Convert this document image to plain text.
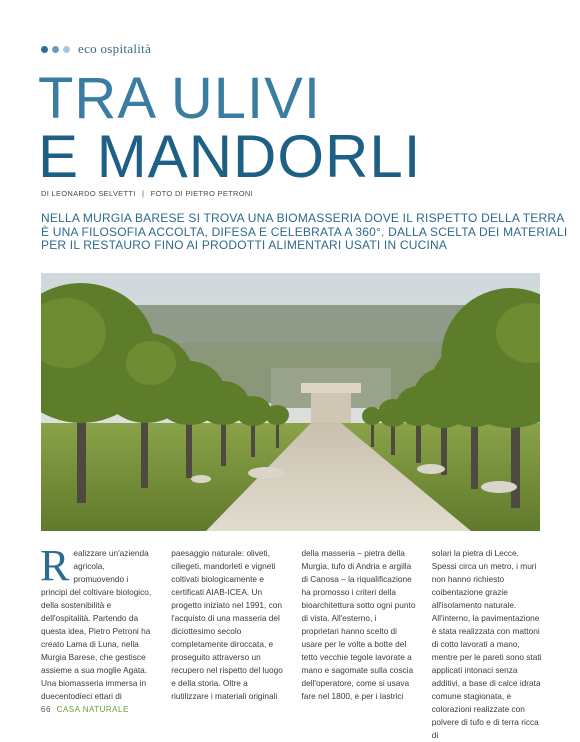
eco ospitalità
TRA ULIVI
E MANDORLI
DI LEONARDO SELVETTI | FOTO DI PIETRO PETRONI
NELLA MURGIA BARESE SI TROVA UNA BIOMASSERIA DOVE IL RISPETTO DELLA TERRA
È UNA FILOSOFIA ACCOLTA, DIFESA E CELEBRATA A 360°. DALLA SCELTA DEI MATERIALI
PER IL RESTAURO FINO AI PRODOTTI ALIMENTARI USATI IN CUCINA
R ealizzare un'azienda agricola, promuovendo i principi del coltivare biologico, della sostenibilità e dell'ospitalità. Partendo da questa idea, Pietro Petroni ha creato Lama di Luna, nella Murgia Barese, che gestisce assieme a sua moglie Agata. Una biomasseria immersa in duecentodieci ettari di

paesaggio naturale: oliveti, ciliegeti, mandorleti e vigneti coltivati biologicamente e certificati AIAB-ICEA. Un progetto iniziato nel 1991, con l'acquisto di una masseria del diciottesimo secolo completamente diroccata, e proseguito attraverso un recupero nel rispetto del luogo e della storia. Oltre a riutilizzare i materiali originali

della masseria – pietra della Murgia, tufo di Andria e argilla di Canosa – la riqualificazione ha promosso i criteri della bioarchitettura sotto ogni punto di vista. All'esterno, i proprietari hanno scelto di usare per le volte a botte del tetto vecchie tegole lavorate a mano e sagomate sulla coscia dell'operatore, come si usava fare nel 1800, e per i lastrici

solari la pietra di Lecce. Spessi circa un metro, i muri non hanno richiesto coibentazione grazie all'isolamento naturale. All'interno, la pavimentazione è stata realizzata con mattoni di cotto lavorati a mano, mentre per le pareti sono stati applicati intonaci senza additivi, a base di calce idrata comune stagionata, e colorazioni realizzate con polvere di tufo e di terra ricca di

66 CASA NATURALE
